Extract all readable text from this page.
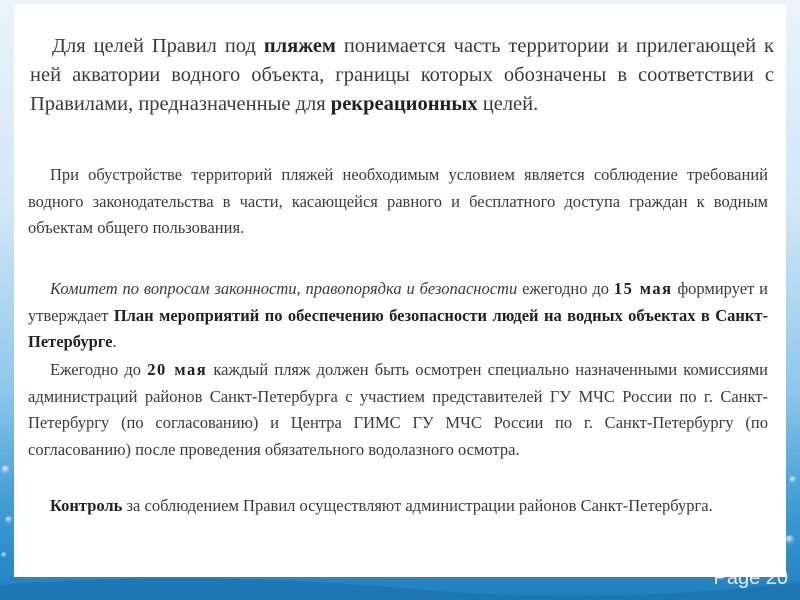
Page 20

Для целей Правил под пляжем понимается часть территории и прилегающей к ней акватории водного объекта, границы которых обозначены в соответствии с Правилами, предназначенные для рекреационных целей.

При обустройстве территорий пляжей необходимым условием является соблюдение требований водного законодательства в части, касающейся равного и бесплатного доступа граждан к водным объектам общего пользования.

Комитет по вопросам законности, правопорядка и безопасности ежегодно до 15 мая формирует и утверждает План мероприятий по обеспечению безопасности людей на водных объектах в Санкт-Петербурге.

Ежегодно до 20 мая каждый пляж должен быть осмотрен специально назначенными комиссиями администраций районов Санкт-Петербурга с участием представителей ГУ МЧС России по г. Санкт-Петербургу (по согласованию) и Центра ГИМС ГУ МЧС России по г. Санкт-Петербургу (по согласованию) после проведения обязательного водолазного осмотра.

Контроль за соблюдением Правил осуществляют администрации районов Санкт-Петербурга.
